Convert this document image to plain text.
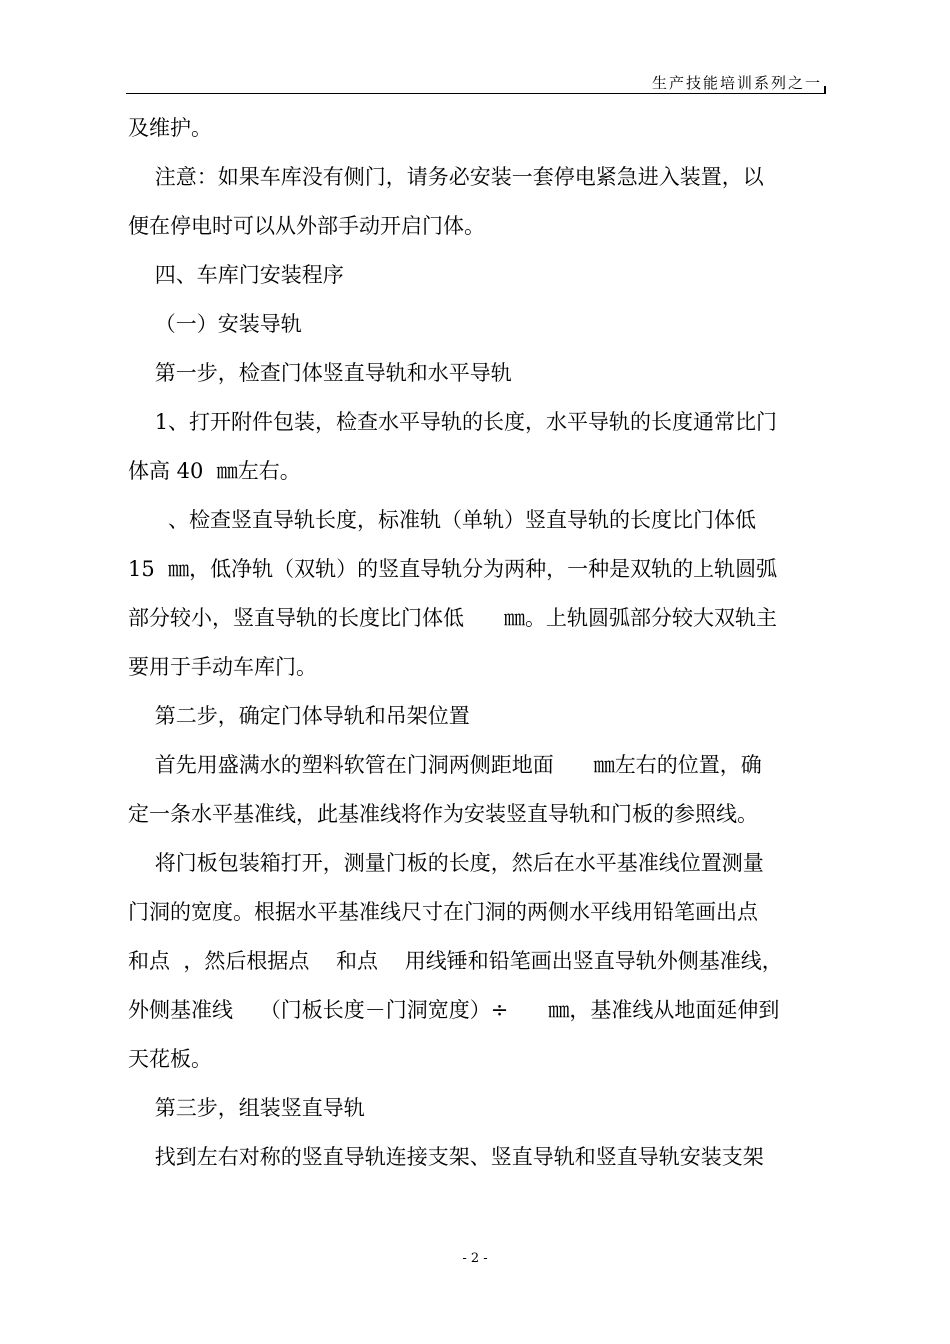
生产技能培训系列之一
及维护。
注意：如果车库没有侧门，请务必安装一套停电紧急进入装置，以
便在停电时可以从外部手动开启门体。
四、车库门安装程序
（一）安装导轨
第一步，检查门体竖直导轨和水平导轨
1、打开附件包装，检查水平导轨的长度，水平导轨的长度通常比门
体高 40  ㎜左右。
、检查竖直导轨长度，标准轨（单轨）竖直导轨的长度比门体低
15  ㎜，低净轨（双轨）的竖直导轨分为两种，一种是双轨的上轨圆弧
部分较小，竖直导轨的长度比门体低      ㎜。上轨圆弧部分较大双轨主
要用于手动车库门。
第二步，确定门体导轨和吊架位置
首先用盛满水的塑料软管在门洞两侧距地面      ㎜左右的位置，确
定一条水平基准线，此基准线将作为安装竖直导轨和门板的参照线。
将门板包装箱打开，测量门板的长度，然后在水平基准线位置测量
门洞的宽度。根据水平基准线尺寸在门洞的两侧水平线用铅笔画出点
和点  ，然后根据点    和点    用线锤和铅笔画出竖直导轨外侧基准线，
外侧基准线    （门板长度－门洞宽度）÷      ㎜，基准线从地面延伸到
天花板。
第三步，组装竖直导轨
找到左右对称的竖直导轨连接支架、竖直导轨和竖直导轨安装支架
- 2 -
